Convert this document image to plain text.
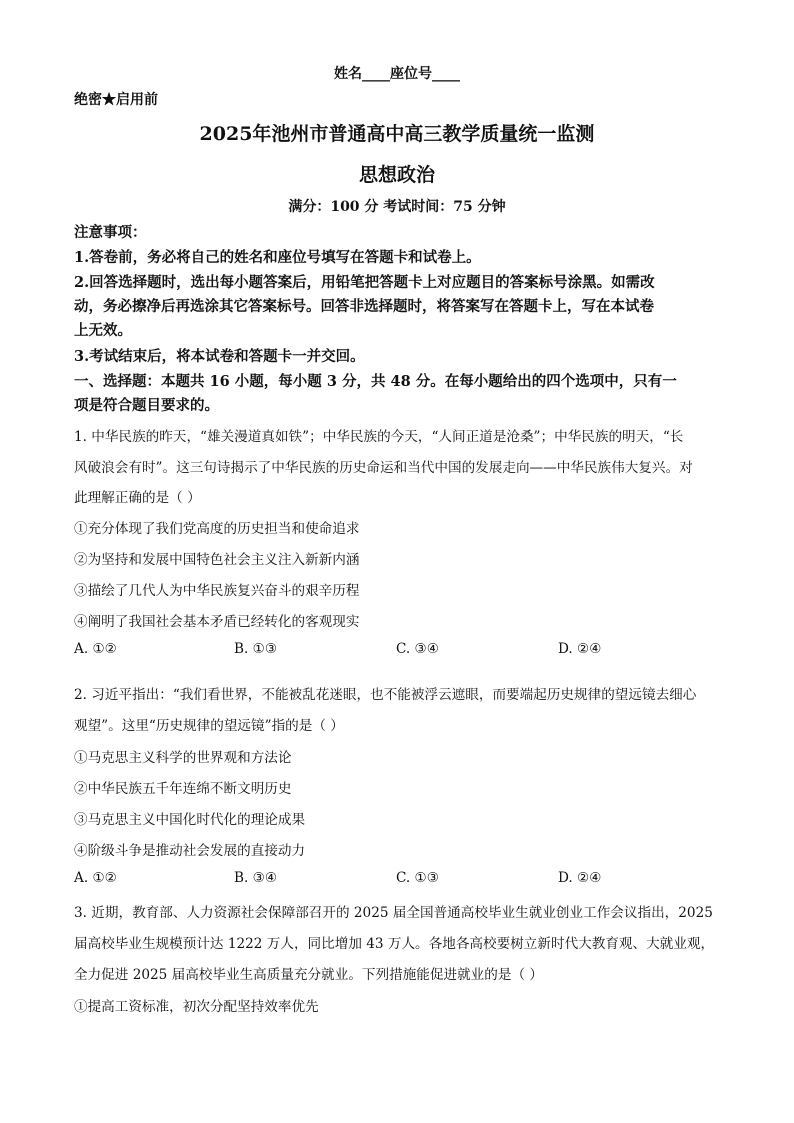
姓名____座位号____
绝密★启用前
2025年池州市普通高中高三教学质量统一监测
思想政治
满分：100 分 考试时间：75 分钟
注意事项：
1.答卷前，务必将自己的姓名和座位号填写在答题卡和试卷上。
2.回答选择题时，选出每小题答案后，用铅笔把答题卡上对应题目的答案标号涂黑。如需改
动，务必擦净后再选涂其它答案标号。回答非选择题时，将答案写在答题卡上，写在本试卷
上无效。
3.考试结束后，将本试卷和答题卡一并交回。
一、选择题：本题共 16 小题，每小题 3 分，共 48 分。在每小题给出的四个选项中，只有一
项是符合题目要求的。
1. 中华民族的昨天，“雄关漫道真如铁”；中华民族的今天，“人间正道是沧桑”；中华民族的明天，“长
风破浪会有时”。这三句诗揭示了中华民族的历史命运和当代中国的发展走向——中华民族伟大复兴。对
此理解正确的是（ ）
①充分体现了我们党高度的历史担当和使命追求
②为坚持和发展中国特色社会主义注入新新内涵
③描绘了几代人为中华民族复兴奋斗的艰辛历程
④阐明了我国社会基本矛盾已经转化的客观现实
A. ①②	B. ①③	C. ③④	D. ②④
2. 习近平指出：“我们看世界，不能被乱花迷眼，也不能被浮云遮眼，而要端起历史规律的望远镜去细心
观望”。这里“历史规律的望远镜”指的是（ ）
①马克思主义科学的世界观和方法论
②中华民族五千年连绵不断文明历史
③马克思主义中国化时代化的理论成果
④阶级斗争是推动社会发展的直接动力
A. ①②	B. ③④	C. ①③	D. ②④
3. 近期，教育部、人力资源社会保障部召开的 2025 届全国普通高校毕业生就业创业工作会议指出，2025
届高校毕业生规模预计达 1222 万人，同比增加 43 万人。各地各高校要树立新时代大教育观、大就业观，
全力促进 2025 届高校毕业生高质量充分就业。下列措施能促进就业的是（ ）
①提高工资标准，初次分配坚持效率优先
